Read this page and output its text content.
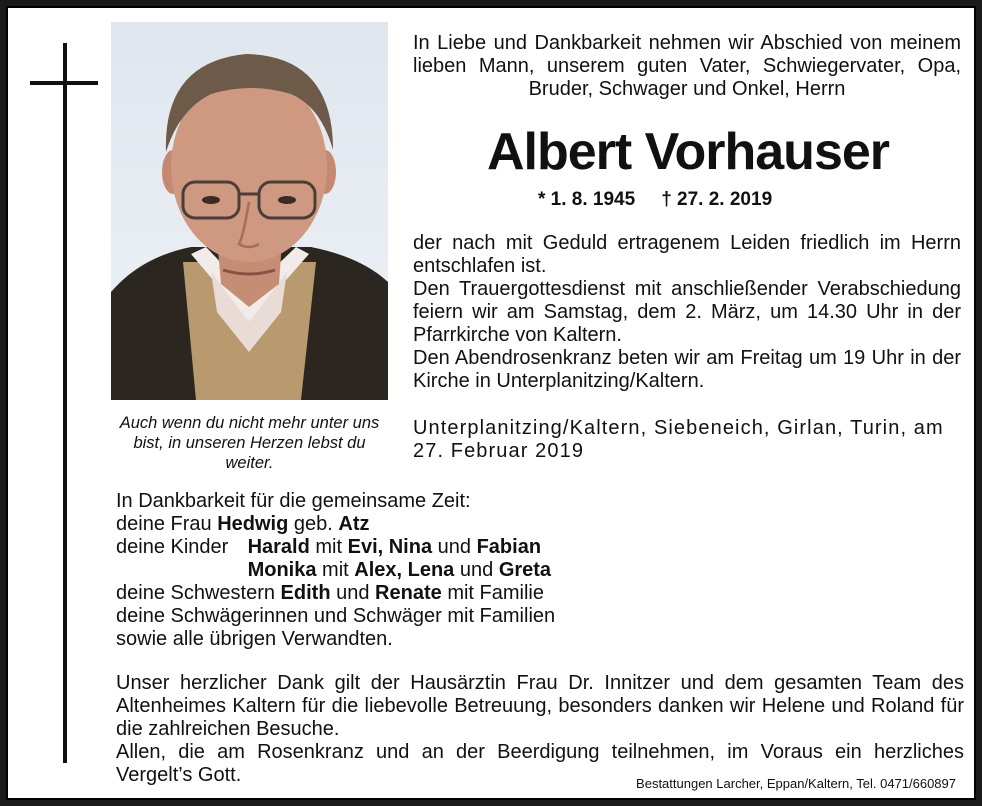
Auch wenn du nicht mehr unter uns bist, in unseren Herzen lebst du weiter.
In Liebe und Dankbarkeit nehmen wir Abschied von meinem lieben Mann, unserem guten Vater, Schwiegervater, Opa, Bruder, Schwager und Onkel, Herrn
Albert Vorhauser
* 1. 8. 1945 † 27. 2. 2019

der nach mit Geduld ertragenem Leiden friedlich im Herrn entschlafen ist.

Den Trauergottesdienst mit anschließender Verabschiedung feiern wir am Samstag, dem 2. März, um 14.30 Uhr in der Pfarrkirche von Kaltern.

Den Abendrosenkranz beten wir am Freitag um 19 Uhr in der Kirche in Unterplanitzing/Kaltern.

Unterplanitzing/Kaltern, Siebeneich, Girlan, Turin, am 27. Februar 2019
In Dankbarkeit für die gemeinsame Zeit:
deine Frau Hedwig geb. Atz
deine Kinder Harald mit Evi, Nina und Fabian
Monika mit Alex, Lena und Greta
deine Schwestern Edith und Renate mit Familie
deine Schwägerinnen und Schwäger mit Familien
sowie alle übrigen Verwandten.

Unser herzlicher Dank gilt der Hausärztin Frau Dr. Innitzer und dem gesamten Team des Altenheimes Kaltern für die liebevolle Betreuung, besonders danken wir Helene und Roland für die zahlreichen Besuche.

Allen, die am Rosenkranz und an der Beerdigung teilnehmen, im Voraus ein herzliches Vergelt’s Gott.	Bestattungen Larcher, Eppan/Kaltern, Tel. 0471/660897
